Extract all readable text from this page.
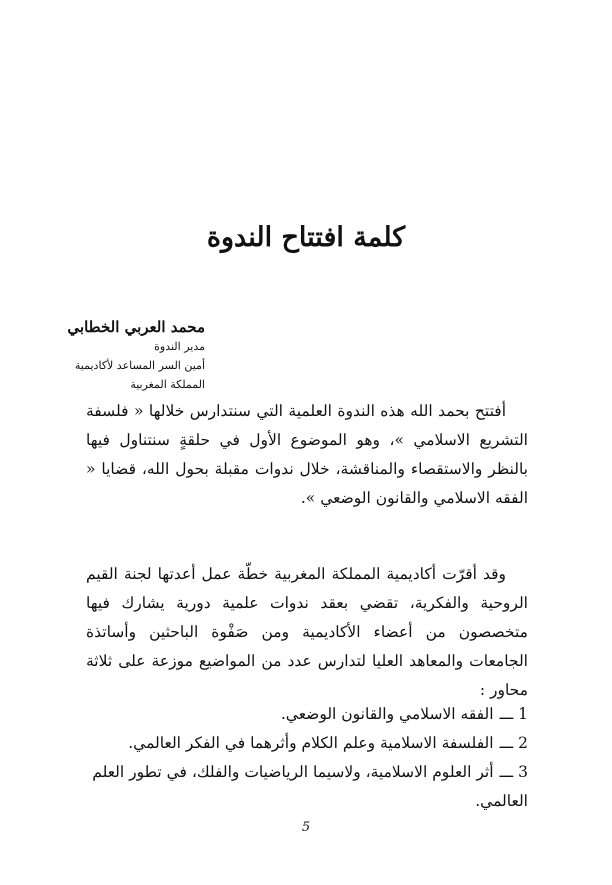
كلمة افتتاح الندوة

محمد العربي الخطابي

مدير الندوة

أمين السر المساعد لأكاديمية

المملكة المغربية

أفتتح بحمد الله هذه الندوة العلمية التي سنتدارس خلالها « فلسفة التشريع الاسلامي »، وهو الموضوع الأول في حلقةٍ سنتناول فيها بالنظر والاستقصاء والمناقشة، خلال ندوات مقبلة بحول الله، قضايا « الفقه الاسلامي والقانون الوضعي ».

وقد أقرّت أكاديمية المملكة المغربية خطّة عمل أعدتها لجنة القيم الروحية والفكرية، تقضي بعقد ندوات علمية دورية يشارك فيها متخصصون من أعضاء الأكاديمية ومن صَفْوة الباحثين وأساتذة الجامعات والمعاهد العليا لتدارس عدد من المواضيع موزعة على ثلاثة محاور :

1 ـــالفقه الاسلامي والقانون الوضعي.
2 ـــالفلسفة الاسلامية وعلم الكلام وأثرهما في الفكر العالمي.
3 ـــأثر العلوم الاسلامية، ولاسيما الرياضيات والفلك، في تطور العلم العالمي.
5
